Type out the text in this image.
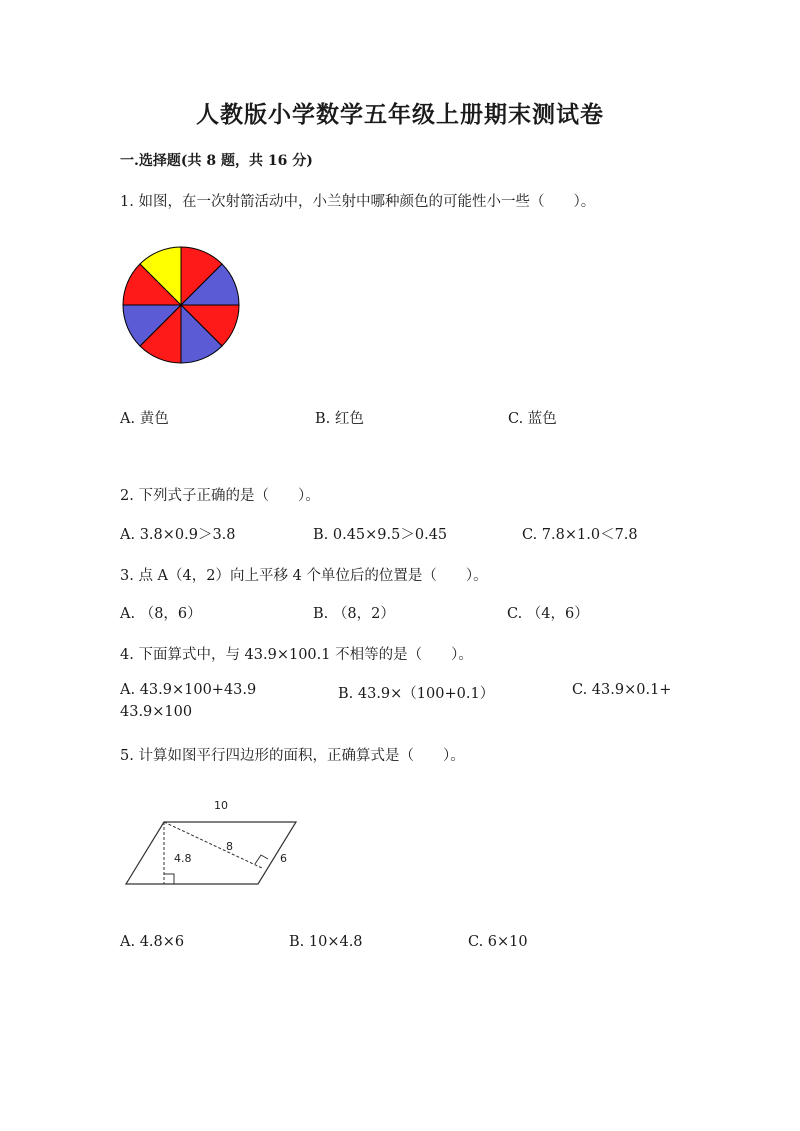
人教版小学数学五年级上册期末测试卷
一.选择题(共 8 题，共 16 分)
1. 如图，在一次射箭活动中，小兰射中哪种颜色的可能性小一些（　　）。
A. 黄色	B. 红色	C. 蓝色
2. 下列式子正确的是（　　）。
A. 3.8×0.9＞3.8	B. 0.45×9.5＞0.45	C. 7.8×1.0＜7.8
3. 点 A（4，2）向上平移 4 个单位后的位置是（　　）。
A. （8，6）	B. （8，2）	C. （4，6）
4. 下面算式中，与 43.9×100.1 不相等的是（　　）。
A. 43.9×100+43.9	B. 43.9×（100+0.1）	C. 43.9×0.1+
43.9×100
5. 计算如图平行四边形的面积，正确算式是（　　）。
10
4.8
8
6
A. 4.8×6	B. 10×4.8	C. 6×10
